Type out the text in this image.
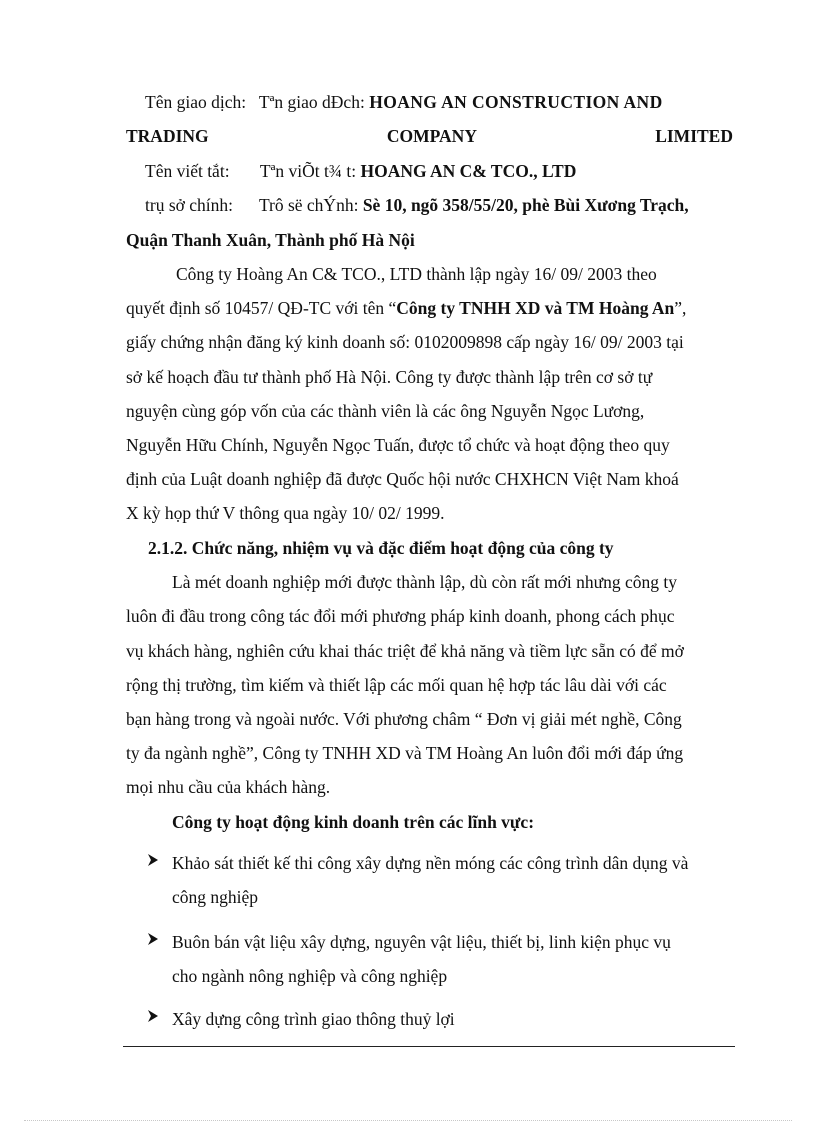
Tên giao dịch: Tªn giao dÐch: HOANG AN CONSTRUCTION AND
TRADING	COMPANY	LIMITED
Tên viết tắt: Tªn viÕt t¾ t: HOANG AN C& TCO., LTD
trụ sở chính: Trô së chÝnh: Sè 10, ngõ 358/55/20, phè Bùi Xương Trạch,
Quận Thanh Xuân, Thành phố Hà Nội
Công ty Hoàng An C& TCO., LTD thành lập ngày 16/ 09/ 2003 theo
quyết định số 10457/ QĐ-TC với tên “Công ty TNHH XD và TM Hoàng An”,
giấy chứng nhận đăng ký kinh doanh số: 0102009898 cấp ngày 16/ 09/ 2003 tại
sở kế hoạch đầu tư thành phố Hà Nội. Công ty được thành lập trên cơ sở tự
nguyện cùng góp vốn của các thành viên là các ông Nguyễn Ngọc Lương,
Nguyễn Hữu Chính, Nguyễn Ngọc Tuấn, được tổ chức và hoạt động theo quy
định của Luật doanh nghiệp đã được Quốc hội nước CHXHCN Việt Nam khoá
X kỳ họp thứ V thông qua ngày 10/ 02/ 1999.
2.1.2. Chức năng, nhiệm vụ và đặc điểm hoạt động của công ty
Là mét doanh nghiệp mới được thành lập, dù còn rất mới nhưng công ty
luôn đi đầu trong công tác đổi mới phương pháp kinh doanh, phong cách phục
vụ khách hàng, nghiên cứu khai thác triệt để khả năng và tiềm lực sẵn có để mở
rộng thị trường, tìm kiếm và thiết lập các mối quan hệ hợp tác lâu dài với các
bạn hàng trong và ngoài nước. Với phương châm “ Đơn vị giải mét nghề, Công
ty đa ngành nghề”, Công ty TNHH XD và TM Hoàng An luôn đổi mới đáp ứng
mọi nhu cầu của khách hàng.
Công ty hoạt động kinh doanh trên các lĩnh vực:
Khảo sát thiết kế thi công xây dựng nền móng các công trình dân dụng và
công nghiệp
Buôn bán vật liệu xây dựng, nguyên vật liệu, thiết bị, linh kiện phục vụ
cho ngành nông nghiệp và công nghiệp
Xây dựng công trình giao thông thuỷ lợi
